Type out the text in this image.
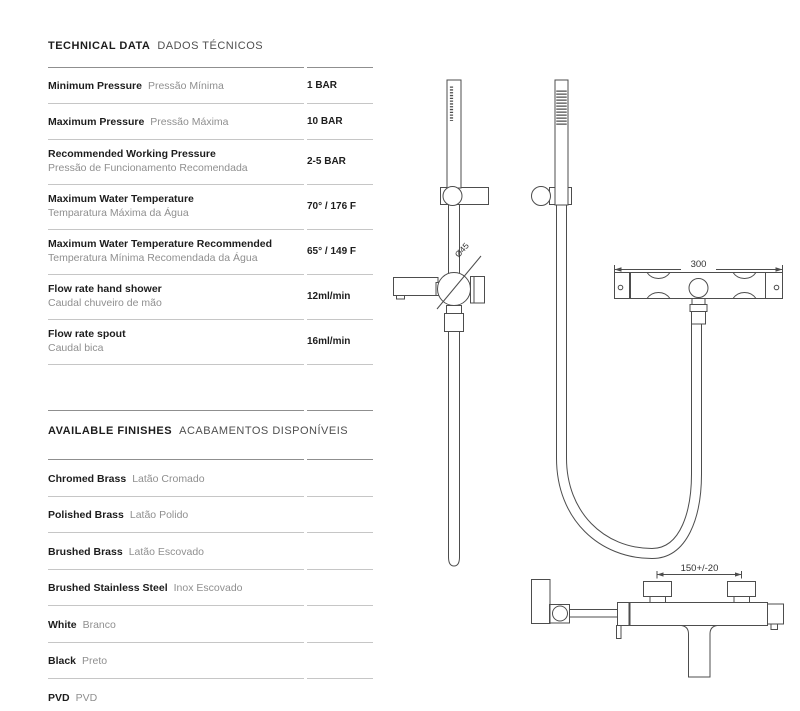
TECHNICAL DATA DADOS TÉCNICOS
Minimum Pressure Pressão Mínima	1 BAR
Maximum Pressure Pressão Máxima	10 BAR
Recommended Working Pressure
Pressão de Funcionamento Recomendada	2-5 BAR
Maximum Water Temperature
Temparatura Máxima da Água	70° / 176 F
Maximum Water Temperature Recommended
Temperatura Mínima Recomendada da Água	65° / 149 F
Flow rate hand shower
Caudal chuveiro de mão	12ml/min
Flow rate spout
Caudal bica	16ml/min
AVAILABLE FINISHES ACABAMENTOS DISPONÍVEIS
Chromed Brass Latão Cromado
Polished Brass Latão Polido
Brushed Brass Latão Escovado
Brushed Stainless Steel Inox Escovado
White Branco
Black Preto
PVD PVD
Ø45
300
150+/-20
